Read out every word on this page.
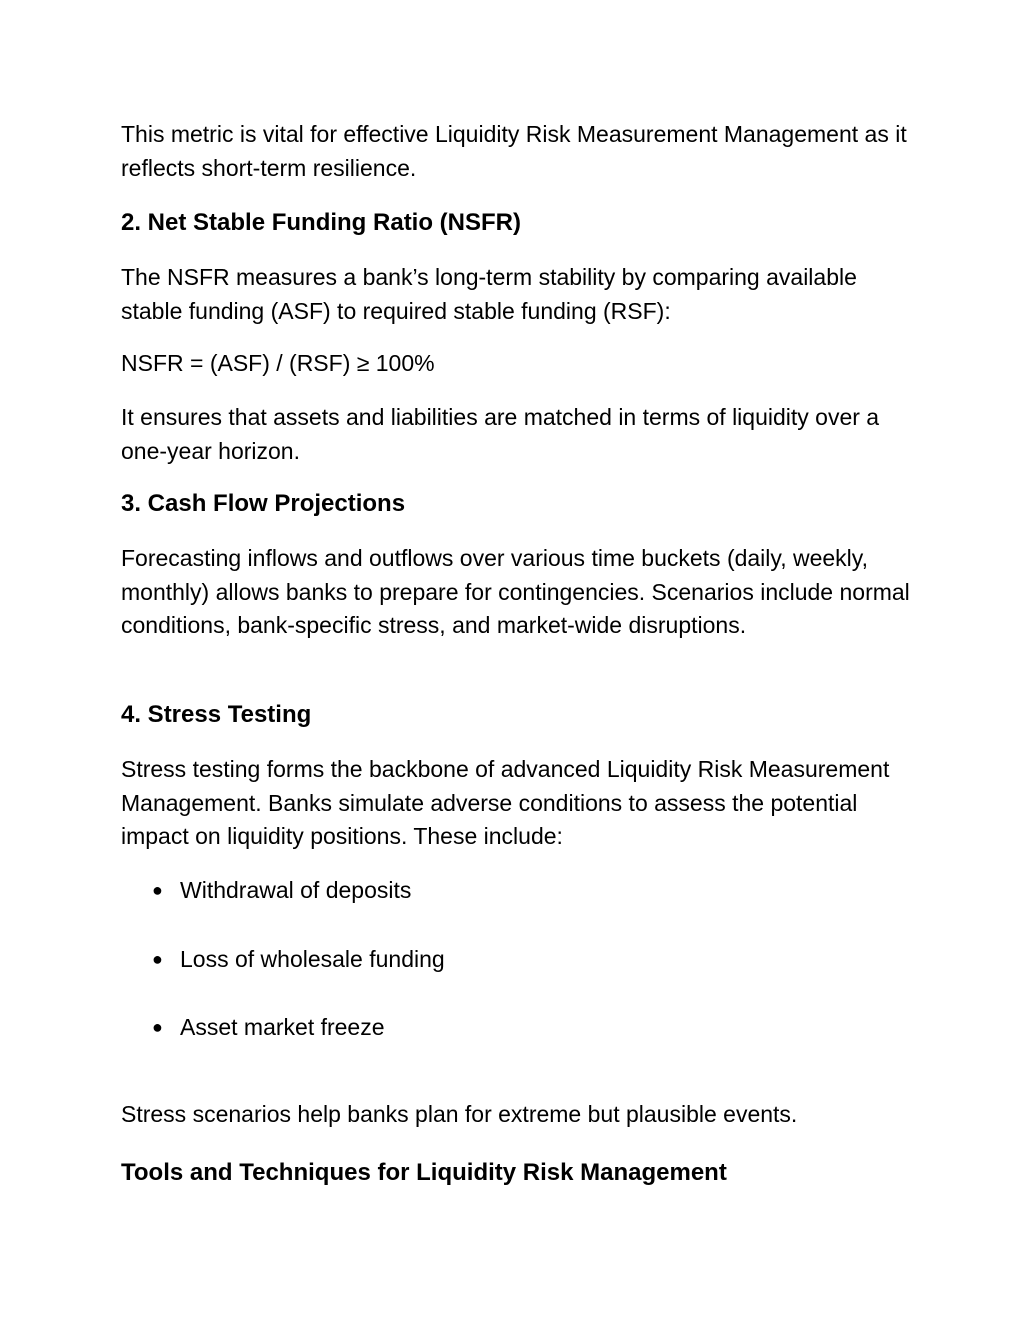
This metric is vital for effective Liquidity Risk Measurement Management as it reflects short-term resilience.

2. Net Stable Funding Ratio (NSFR)

The NSFR measures a bank’s long-term stability by comparing available stable funding (ASF) to required stable funding (RSF):

NSFR = (ASF) / (RSF) ≥ 100%

It ensures that assets and liabilities are matched in terms of liquidity over a one-year horizon.

3. Cash Flow Projections

Forecasting inflows and outflows over various time buckets (daily, weekly, monthly) allows banks to prepare for contingencies. Scenarios include normal conditions, bank-specific stress, and market-wide disruptions.

4. Stress Testing

Stress testing forms the backbone of advanced Liquidity Risk Measurement Management. Banks simulate adverse conditions to assess the potential impact on liquidity positions. These include:

● Withdrawal of deposits
● Loss of wholesale funding
● Asset market freeze

Stress scenarios help banks plan for extreme but plausible events.

Tools and Techniques for Liquidity Risk Management
